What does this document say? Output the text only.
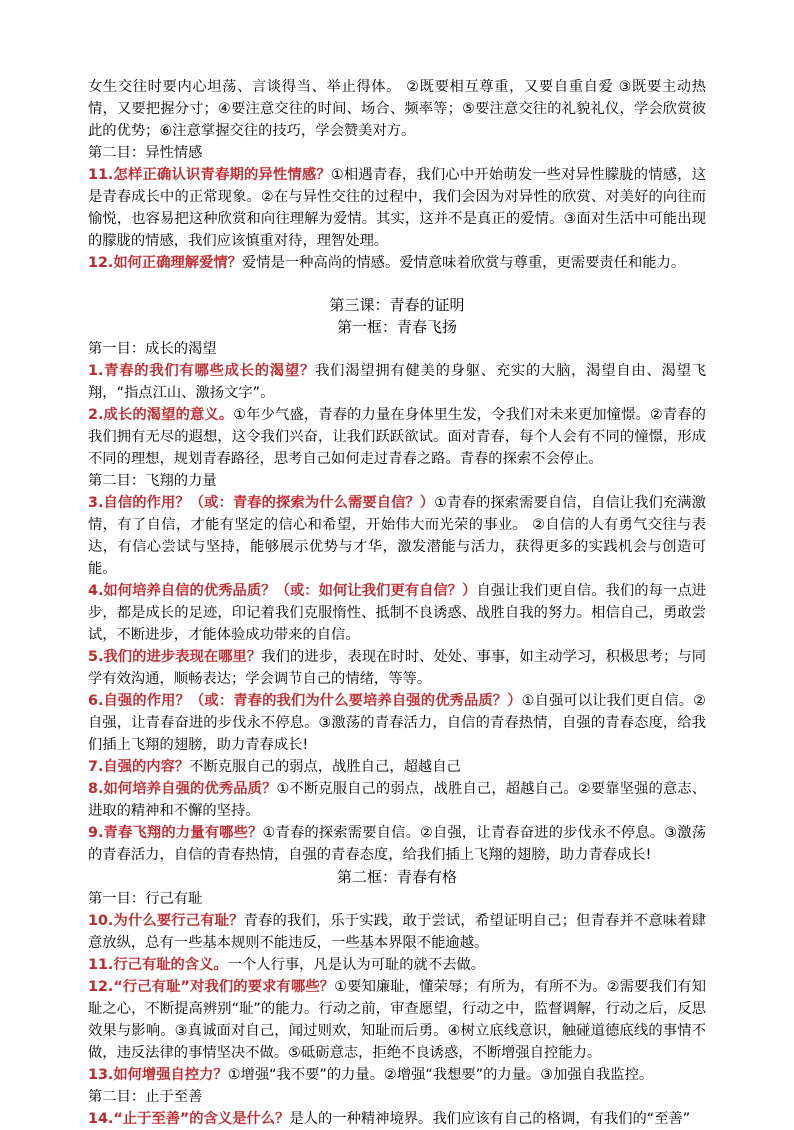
女生交往时要内心坦荡、言谈得当、举止得体。 ②既要相互尊重，又要自重自爱 ③既要主动热情，又要把握分寸；④要注意交往的时间、场合、频率等；⑤要注意交往的礼貌礼仪，学会欣赏彼此的优势；⑥注意掌握交往的技巧，学会赞美对方。

第二目：异性情感

11.怎样正确认识青春期的异性情感？①相遇青春，我们心中开始萌发一些对异性朦胧的情感，这是青春成长中的正常现象。②在与异性交往的过程中，我们会因为对异性的欣赏、对美好的向往而愉悦，也容易把这种欣赏和向往理解为爱情。其实，这并不是真正的爱情。③面对生活中可能出现的朦胧的情感，我们应该慎重对待，理智处理。

12.如何正确理解爱情？爱情是一种高尚的情感。爱情意味着欣赏与尊重，更需要责任和能力。

第三课：青春的证明

第一框：青春飞扬

第一目：成长的渴望

1.青春的我们有哪些成长的渴望？我们渴望拥有健美的身躯、充实的大脑，渴望自由、渴望飞翔，“指点江山、激扬文字”。

2.成长的渴望的意义。①年少气盛，青春的力量在身体里生发，令我们对未来更加憧憬。②青春的我们拥有无尽的遐想，这令我们兴奋，让我们跃跃欲试。面对青春，每个人会有不同的憧憬，形成不同的理想，规划青春路径，思考自己如何走过青春之路。青春的探索不会停止。

第二目：飞翔的力量

3.自信的作用？（或：青春的探索为什么需要自信？）①青春的探索需要自信，自信让我们充满激情，有了自信，才能有坚定的信心和希望，开始伟大而光荣的事业。 ②自信的人有勇气交往与表达，有信心尝试与坚持，能够展示优势与才华，激发潜能与活力，获得更多的实践机会与创造可能。

4.如何培养自信的优秀品质？（或：如何让我们更有自信？）自强让我们更自信。我们的每一点进步，都是成长的足迹，印记着我们克服惰性、抵制不良诱惑、战胜自我的努力。相信自己，勇敢尝试，不断进步，才能体验成功带来的自信。

5.我们的进步表现在哪里？我们的进步，表现在时时、处处、事事，如主动学习，积极思考；与同学有效沟通，顺畅表达；学会调节自己的情绪，等等。

6.自强的作用？（或：青春的我们为什么要培养自强的优秀品质？）①自强可以让我们更自信。②自强，让青春奋进的步伐永不停息。③激荡的青春活力，自信的青春热情，自强的青春态度，给我们插上飞翔的翅膀，助力青春成长!

7.自强的内容？不断克服自己的弱点，战胜自己，超越自己

8.如何培养自强的优秀品质？①不断克服自己的弱点，战胜自己，超越自己。②要靠坚强的意志、进取的精神和不懈的坚持。

9.青春飞翔的力量有哪些？①青春的探索需要自信。②自强，让青春奋进的步伐永不停息。③激荡的青春活力，自信的青春热情，自强的青春态度，给我们插上飞翔的翅膀，助力青春成长!

第二框：青春有格

第一目：行己有耻

10.为什么要行己有耻？青春的我们，乐于实践，敢于尝试，希望证明自己；但青春并不意味着肆意放纵，总有一些基本规则不能违反，一些基本界限不能逾越。

11.行己有耻的含义。一个人行事，凡是认为可耻的就不去做。

12.“行己有耻”对我们的要求有哪些？①要知廉耻，懂荣辱；有所为，有所不为。②需要我们有知耻之心，不断提高辨别“耻”的能力。行动之前，审查愿望，行动之中，监督调解，行动之后，反思效果与影响。③真诚面对自己，闻过则欢，知耻而后勇。④树立底线意识，触碰道德底线的事情不做，违反法律的事情坚决不做。⑤砥砺意志，拒绝不良诱惑，不断增强自控能力。

13.如何增强自控力？①增强“我不要”的力量。②增强“我想要”的力量。③加强自我监控。

第二目：止于至善

14.“止于至善”的含义是什么？是人的一种精神境界。我们应该有自己的格调，有我们的“至善”
